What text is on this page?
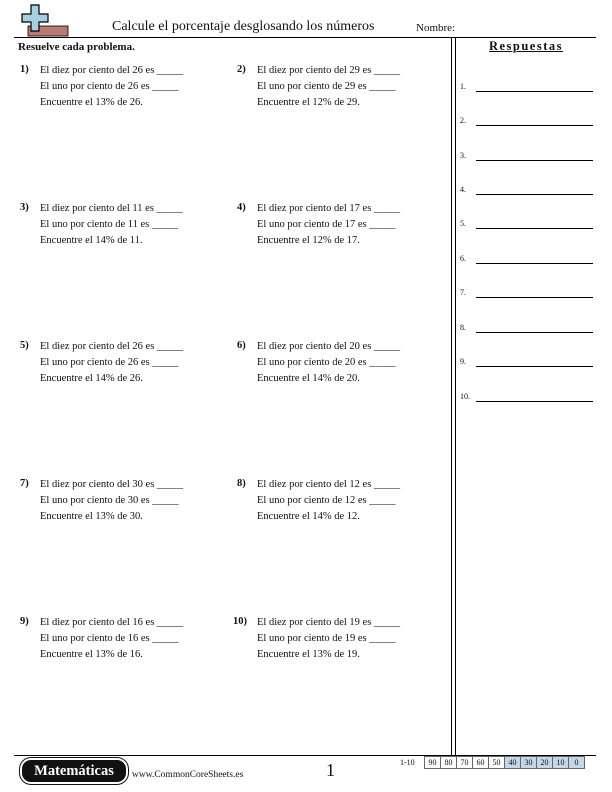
Calcule el porcentaje desglosando los números	Nombre:
Resuelve cada problema.
1) El diez por ciento del 26 es _____
El uno por ciento de 26 es _____
Encuentre el 13% de 26.
2) El diez por ciento del 29 es _____
El uno por ciento de 29 es _____
Encuentre el 12% de 29.
3) El diez por ciento del 11 es _____
El uno por ciento de 11 es _____
Encuentre el 14% de 11.
4) El diez por ciento del 17 es _____
El uno por ciento de 17 es _____
Encuentre el 12% de 17.
5) El diez por ciento del 26 es _____
El uno por ciento de 26 es _____
Encuentre el 14% de 26.
6) El diez por ciento del 20 es _____
El uno por ciento de 20 es _____
Encuentre el 14% de 20.
7) El diez por ciento del 30 es _____
El uno por ciento de 30 es _____
Encuentre el 13% de 30.
8) El diez por ciento del 12 es _____
El uno por ciento de 12 es _____
Encuentre el 14% de 12.
9) El diez por ciento del 16 es _____
El uno por ciento de 16 es _____
Encuentre el 13% de 16.
10) El diez por ciento del 19 es _____
El uno por ciento de 19 es _____
Encuentre el 13% de 19.
Respuestas
1.
2.
3.
4.
5.
6.
7.
8.
9.
10.
Matemáticas	www.CommonCoreSheets.es	1	1-10 90	80	70	60	50	40	30	20	10	0
